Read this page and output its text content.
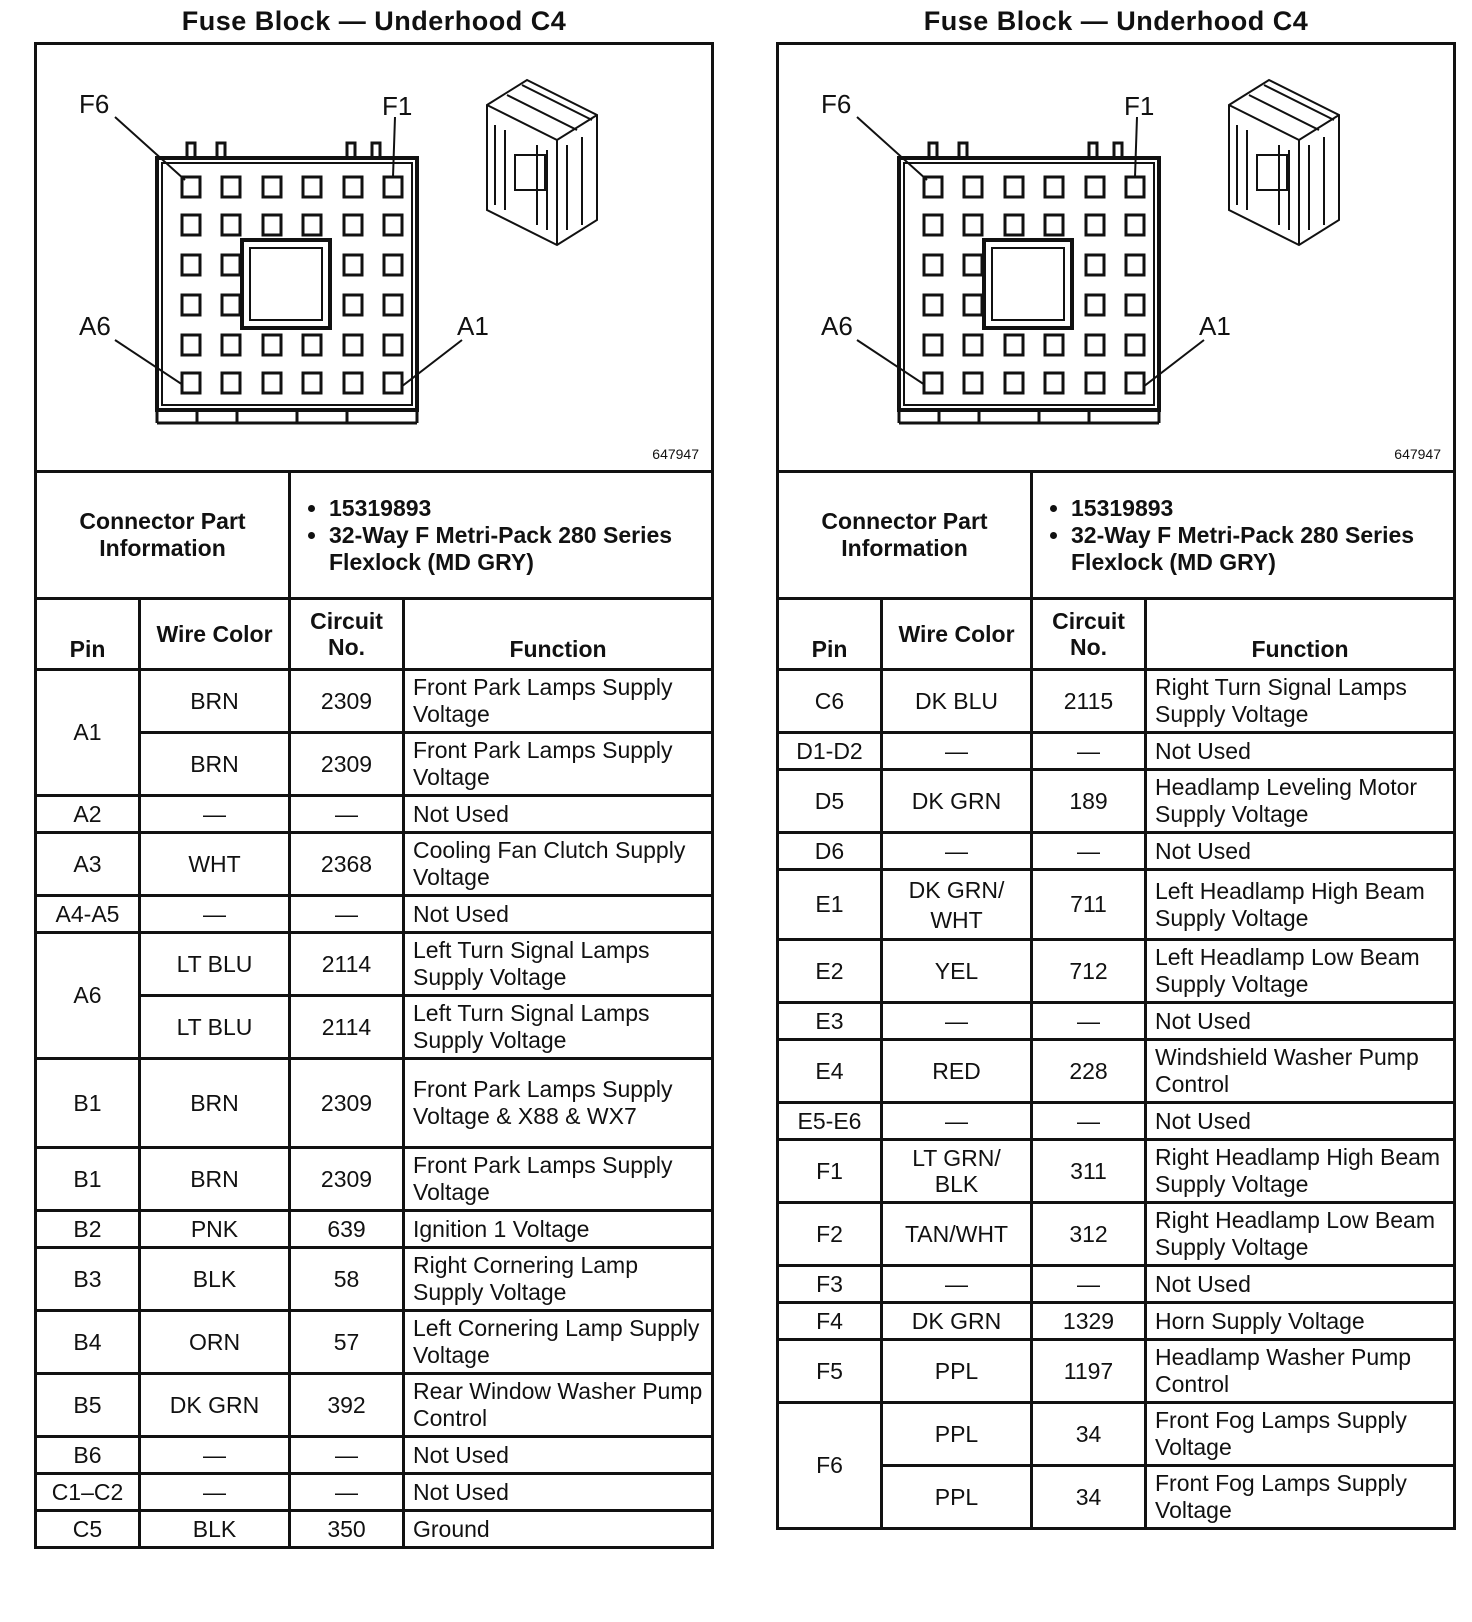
Fuse Block — Underhood C4
F6	F1
A6	A1
647947
Connector Part Information	
• 15319893
• 32-Way F Metri-Pack 280 Series Flexlock (MD GRY)
Pin	Wire Color	Circuit No.	Function
A1	BRN	2309	Front Park Lamps Supply Voltage
	BRN	2309	Front Park Lamps Supply Voltage
A2	—	—	Not Used
A3	WHT	2368	Cooling Fan Clutch Supply Voltage
A4-A5	—	—	Not Used
A6	LT BLU	2114	Left Turn Signal Lamps Supply Voltage
	LT BLU	2114	Left Turn Signal Lamps Supply Voltage
B1	BRN	2309	Front Park Lamps Supply Voltage & X88 & WX7
B1	BRN	2309	Front Park Lamps Supply Voltage
B2	PNK	639	Ignition 1 Voltage
B3	BLK	58	Right Cornering Lamp Supply Voltage
B4	ORN	57	Left Cornering Lamp Supply Voltage
B5	DK GRN	392	Rear Window Washer Pump Control
B6	—	—	Not Used
C1–C2	—	—	Not Used
C5	BLK	350	Ground
Fuse Block — Underhood C4
F6	F1
A6	A1
647947
Connector Part Information	
• 15319893
• 32-Way F Metri-Pack 280 Series Flexlock (MD GRY)
Pin	Wire Color	Circuit No.	Function
C6	DK BLU	2115	Right Turn Signal Lamps Supply Voltage
D1-D2	—	—	Not Used
D5	DK GRN	189	Headlamp Leveling Motor Supply Voltage
D6	—	—	Not Used
E1	DK GRN/ WHT	711	Left Headlamp High Beam Supply Voltage
E2	YEL	712	Left Headlamp Low Beam Supply Voltage
E3	—	—	Not Used
E4	RED	228	Windshield Washer Pump Control
E5-E6	—	—	Not Used
F1	LT GRN/ BLK	311	Right Headlamp High Beam Supply Voltage
F2	TAN/WHT	312	Right Headlamp Low Beam Supply Voltage
F3	—	—	Not Used
F4	DK GRN	1329	Horn Supply Voltage
F5	PPL	1197	Headlamp Washer Pump Control
F6	PPL	34	Front Fog Lamps Supply Voltage
	PPL	34	Front Fog Lamps Supply Voltage
